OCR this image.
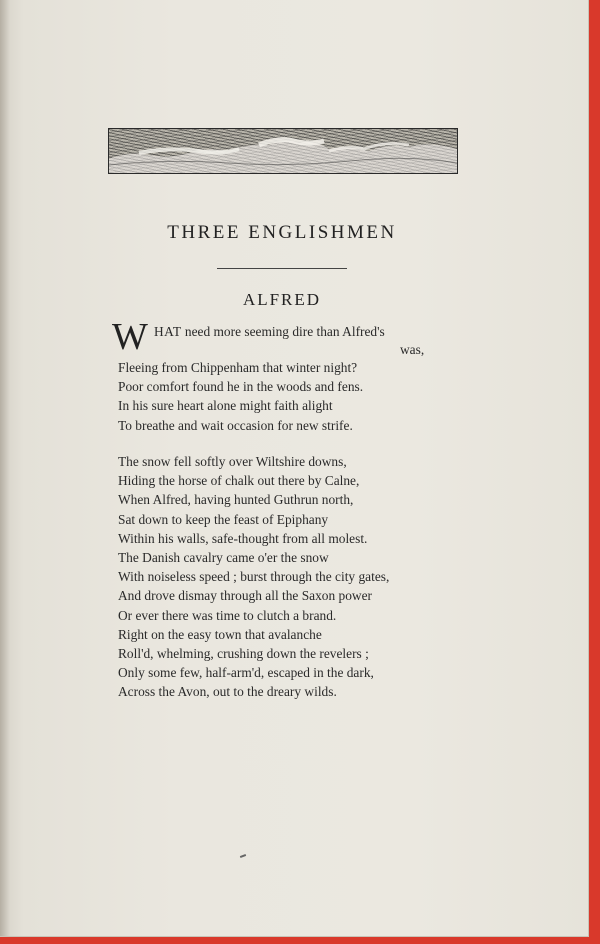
THREE ENGLISHMEN
ALFRED
W HAT need more seeming dire than Alfred's
was,
Fleeing from Chippenham that winter night?
Poor comfort found he in the woods and fens.
In his sure heart alone might faith alight
To breathe and wait occasion for new strife.
The snow fell softly over Wiltshire downs,
Hiding the horse of chalk out there by Calne,
When Alfred, having hunted Guthrun north,
Sat down to keep the feast of Epiphany
Within his walls, safe-thought from all molest.
The Danish cavalry came o'er the snow
With noiseless speed ; burst through the city gates,
And drove dismay through all the Saxon power
Or ever there was time to clutch a brand.
Right on the easy town that avalanche
Roll'd, whelming, crushing down the revelers ;
Only some few, half-arm'd, escaped in the dark,
Across the Avon, out to the dreary wilds.
